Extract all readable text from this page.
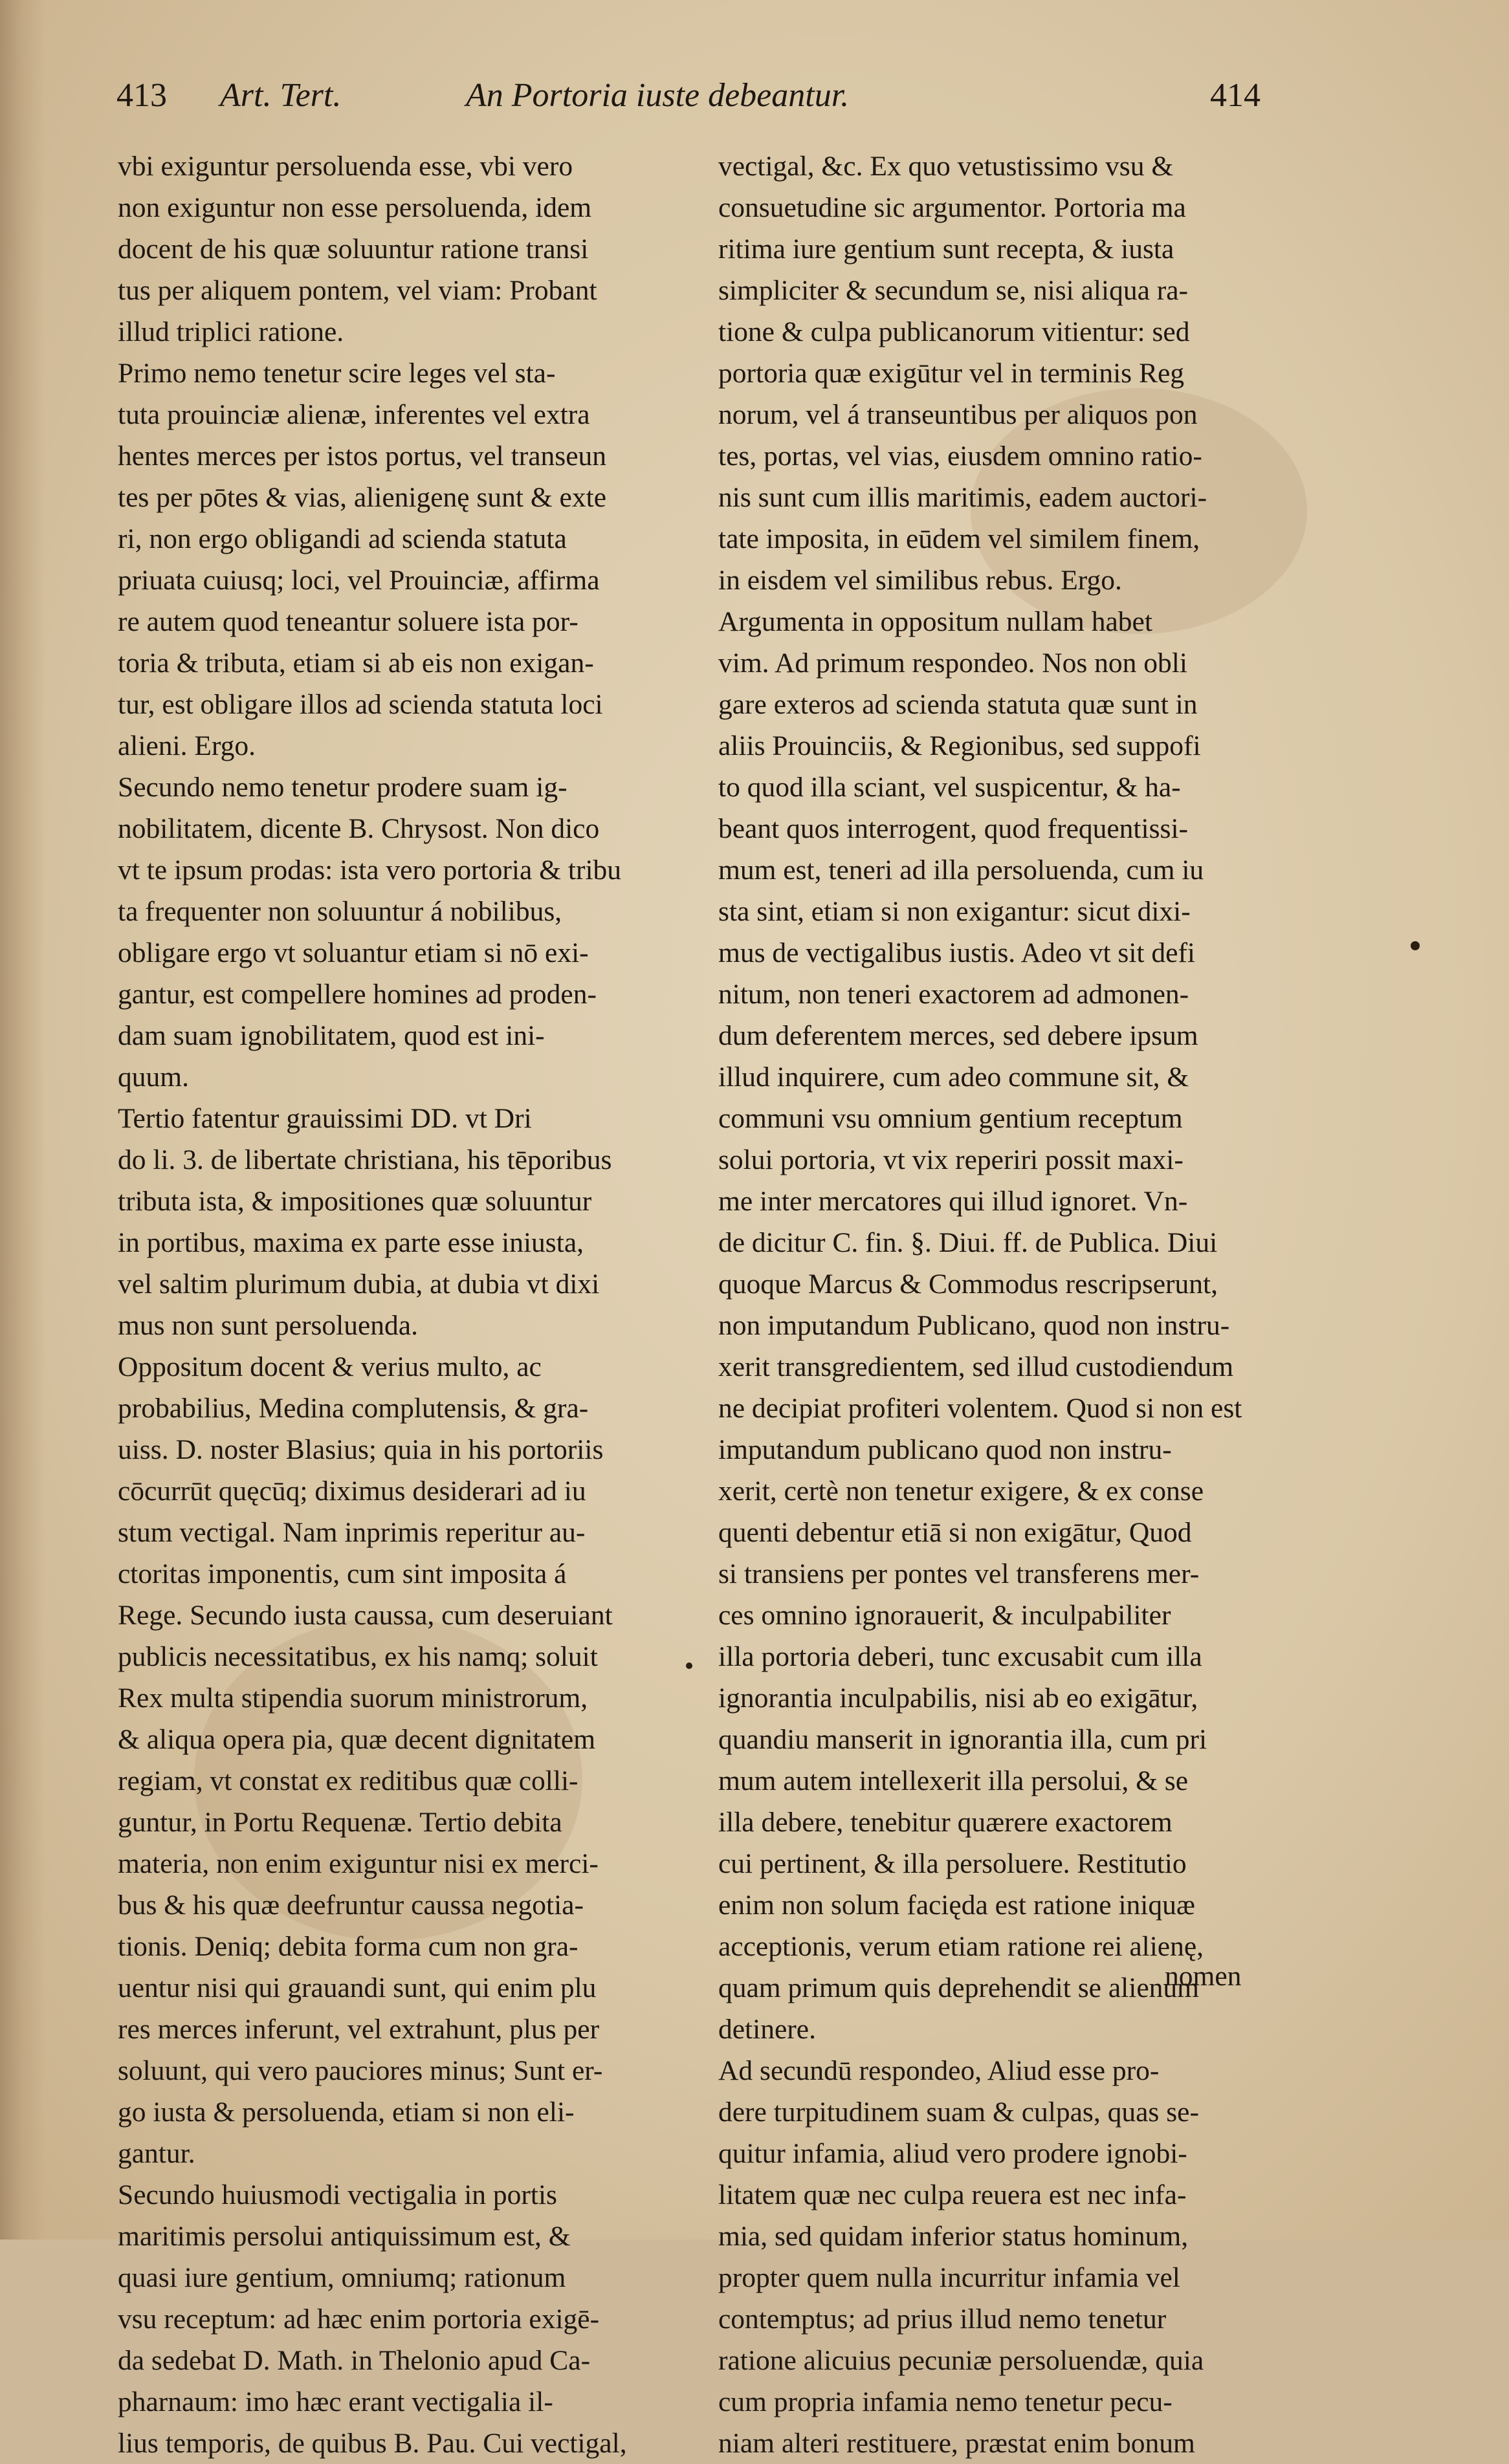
413 Art. Tert.	An Portoria iuste debeantur.	414
vbi exiguntur persoluenda esse, vbi vero
non exiguntur non esse persoluenda, idem
docent de his quæ soluuntur ratione transi
tus per aliquem pontem, vel viam: Probant
illud triplici ratione.
Primo nemo tenetur scire leges vel sta-
tuta prouinciæ alienæ, inferentes vel extra
hentes merces per istos portus, vel transeun
tes per pōtes & vias, alienigenę sunt & exte
ri, non ergo obligandi ad scienda statuta
priuata cuiusq; loci, vel Prouinciæ, affirma
re autem quod teneantur soluere ista por-
toria & tributa, etiam si ab eis non exigan-
tur, est obligare illos ad scienda statuta loci
alieni. Ergo.
Secundo nemo tenetur prodere suam ig-
nobilitatem, dicente B. Chrysost. Non dico
vt te ipsum prodas: ista vero portoria & tribu
ta frequenter non soluuntur á nobilibus,
obligare ergo vt soluantur etiam si nō exi-
gantur, est compellere homines ad proden-
dam suam ignobilitatem, quod est ini-
quum.
Tertio fatentur grauissimi DD. vt Dri
do li. 3. de libertate christiana, his tēporibus
tributa ista, & impositiones quæ soluuntur
in portibus, maxima ex parte esse iniusta,
vel saltim plurimum dubia, at dubia vt dixi
mus non sunt persoluenda.
Oppositum docent & verius multo, ac
probabilius, Medina complutensis, & gra-
uiss. D. noster Blasius; quia in his portoriis
cōcurrūt quęcūq; diximus desiderari ad iu
stum vectigal. Nam inprimis reperitur au-
ctoritas imponentis, cum sint imposita á
Rege. Secundo iusta caussa, cum deseruiant
publicis necessitatibus, ex his namq; soluit
Rex multa stipendia suorum ministrorum,
& aliqua opera pia, quæ decent dignitatem
regiam, vt constat ex reditibus quæ colli-
guntur, in Portu Requenæ. Tertio debita
materia, non enim exiguntur nisi ex merci-
bus & his quæ deefruntur caussa negotia-
tionis. Deniq; debita forma cum non gra-
uentur nisi qui grauandi sunt, qui enim plu
res merces inferunt, vel extrahunt, plus per
soluunt, qui vero pauciores minus; Sunt er-
go iusta & persoluenda, etiam si non eli-
gantur.
Secundo huiusmodi vectigalia in portis
maritimis persolui antiquissimum est, &
quasi iure gentium, omniumq; rationum
vsu receptum: ad hæc enim portoria exigē-
da sedebat D. Math. in Thelonio apud Ca-
pharnaum: imo hæc erant vectigalia il-
lius temporis, de quibus B. Pau. Cui vectigal,
vectigal, &c. Ex quo vetustissimo vsu &
consuetudine sic argumentor. Portoria ma
ritima iure gentium sunt recepta, & iusta
simpliciter & secundum se, nisi aliqua ra-
tione & culpa publicanorum vitientur: sed
portoria quæ exigūtur vel in terminis Reg
norum, vel á transeuntibus per aliquos pon
tes, portas, vel vias, eiusdem omnino ratio-
nis sunt cum illis maritimis, eadem auctori-
tate imposita, in eūdem vel similem finem,
in eisdem vel similibus rebus. Ergo.
Argumenta in oppositum nullam habet
vim. Ad primum respondeo. Nos non obli
gare exteros ad scienda statuta quæ sunt in
aliis Prouinciis, & Regionibus, sed suppofi
to quod illa sciant, vel suspicentur, & ha-
beant quos interrogent, quod frequentissi-
mum est, teneri ad illa persoluenda, cum iu
sta sint, etiam si non exigantur: sicut dixi-
mus de vectigalibus iustis. Adeo vt sit defi
nitum, non teneri exactorem ad admonen-
dum deferentem merces, sed debere ipsum
illud inquirere, cum adeo commune sit, &
communi vsu omnium gentium receptum
solui portoria, vt vix reperiri possit maxi-
me inter mercatores qui illud ignoret. Vn-
de dicitur C. fin. §. Diui. ff. de Publica. Diui
quoque Marcus & Commodus rescripserunt,
non imputandum Publicano, quod non instru-
xerit transgredientem, sed illud custodiendum
ne decipiat profiteri volentem. Quod si non est
imputandum publicano quod non instru-
xerit, certè non tenetur exigere, & ex conse
quenti debentur etiā si non exigātur, Quod
si transiens per pontes vel transferens mer-
ces omnino ignorauerit, & inculpabiliter
illa portoria deberi, tunc excusabit cum illa
ignorantia inculpabilis, nisi ab eo exigātur,
quandiu manserit in ignorantia illa, cum pri
mum autem intellexerit illa persolui, & se
illa debere, tenebitur quærere exactorem
cui pertinent, & illa persoluere. Restitutio
enim non solum facięda est ratione iniquæ
acceptionis, verum etiam ratione rei alienę,
quam primum quis deprehendit se alienum
detinere.
Ad secundū respondeo, Aliud esse pro-
dere turpitudinem suam & culpas, quas se-
quitur infamia, aliud vero prodere ignobi-
litatem quæ nec culpa reuera est nec infa-
mia, sed quidam inferior status hominum,
propter quem nulla incurritur infamia vel
contemptus; ad prius illud nemo tenetur
ratione alicuius pecuniæ persoluendæ, quia
cum propria infamia nemo tenetur pecu-
niam alteri restituere, præstat enim bonum
nomen
